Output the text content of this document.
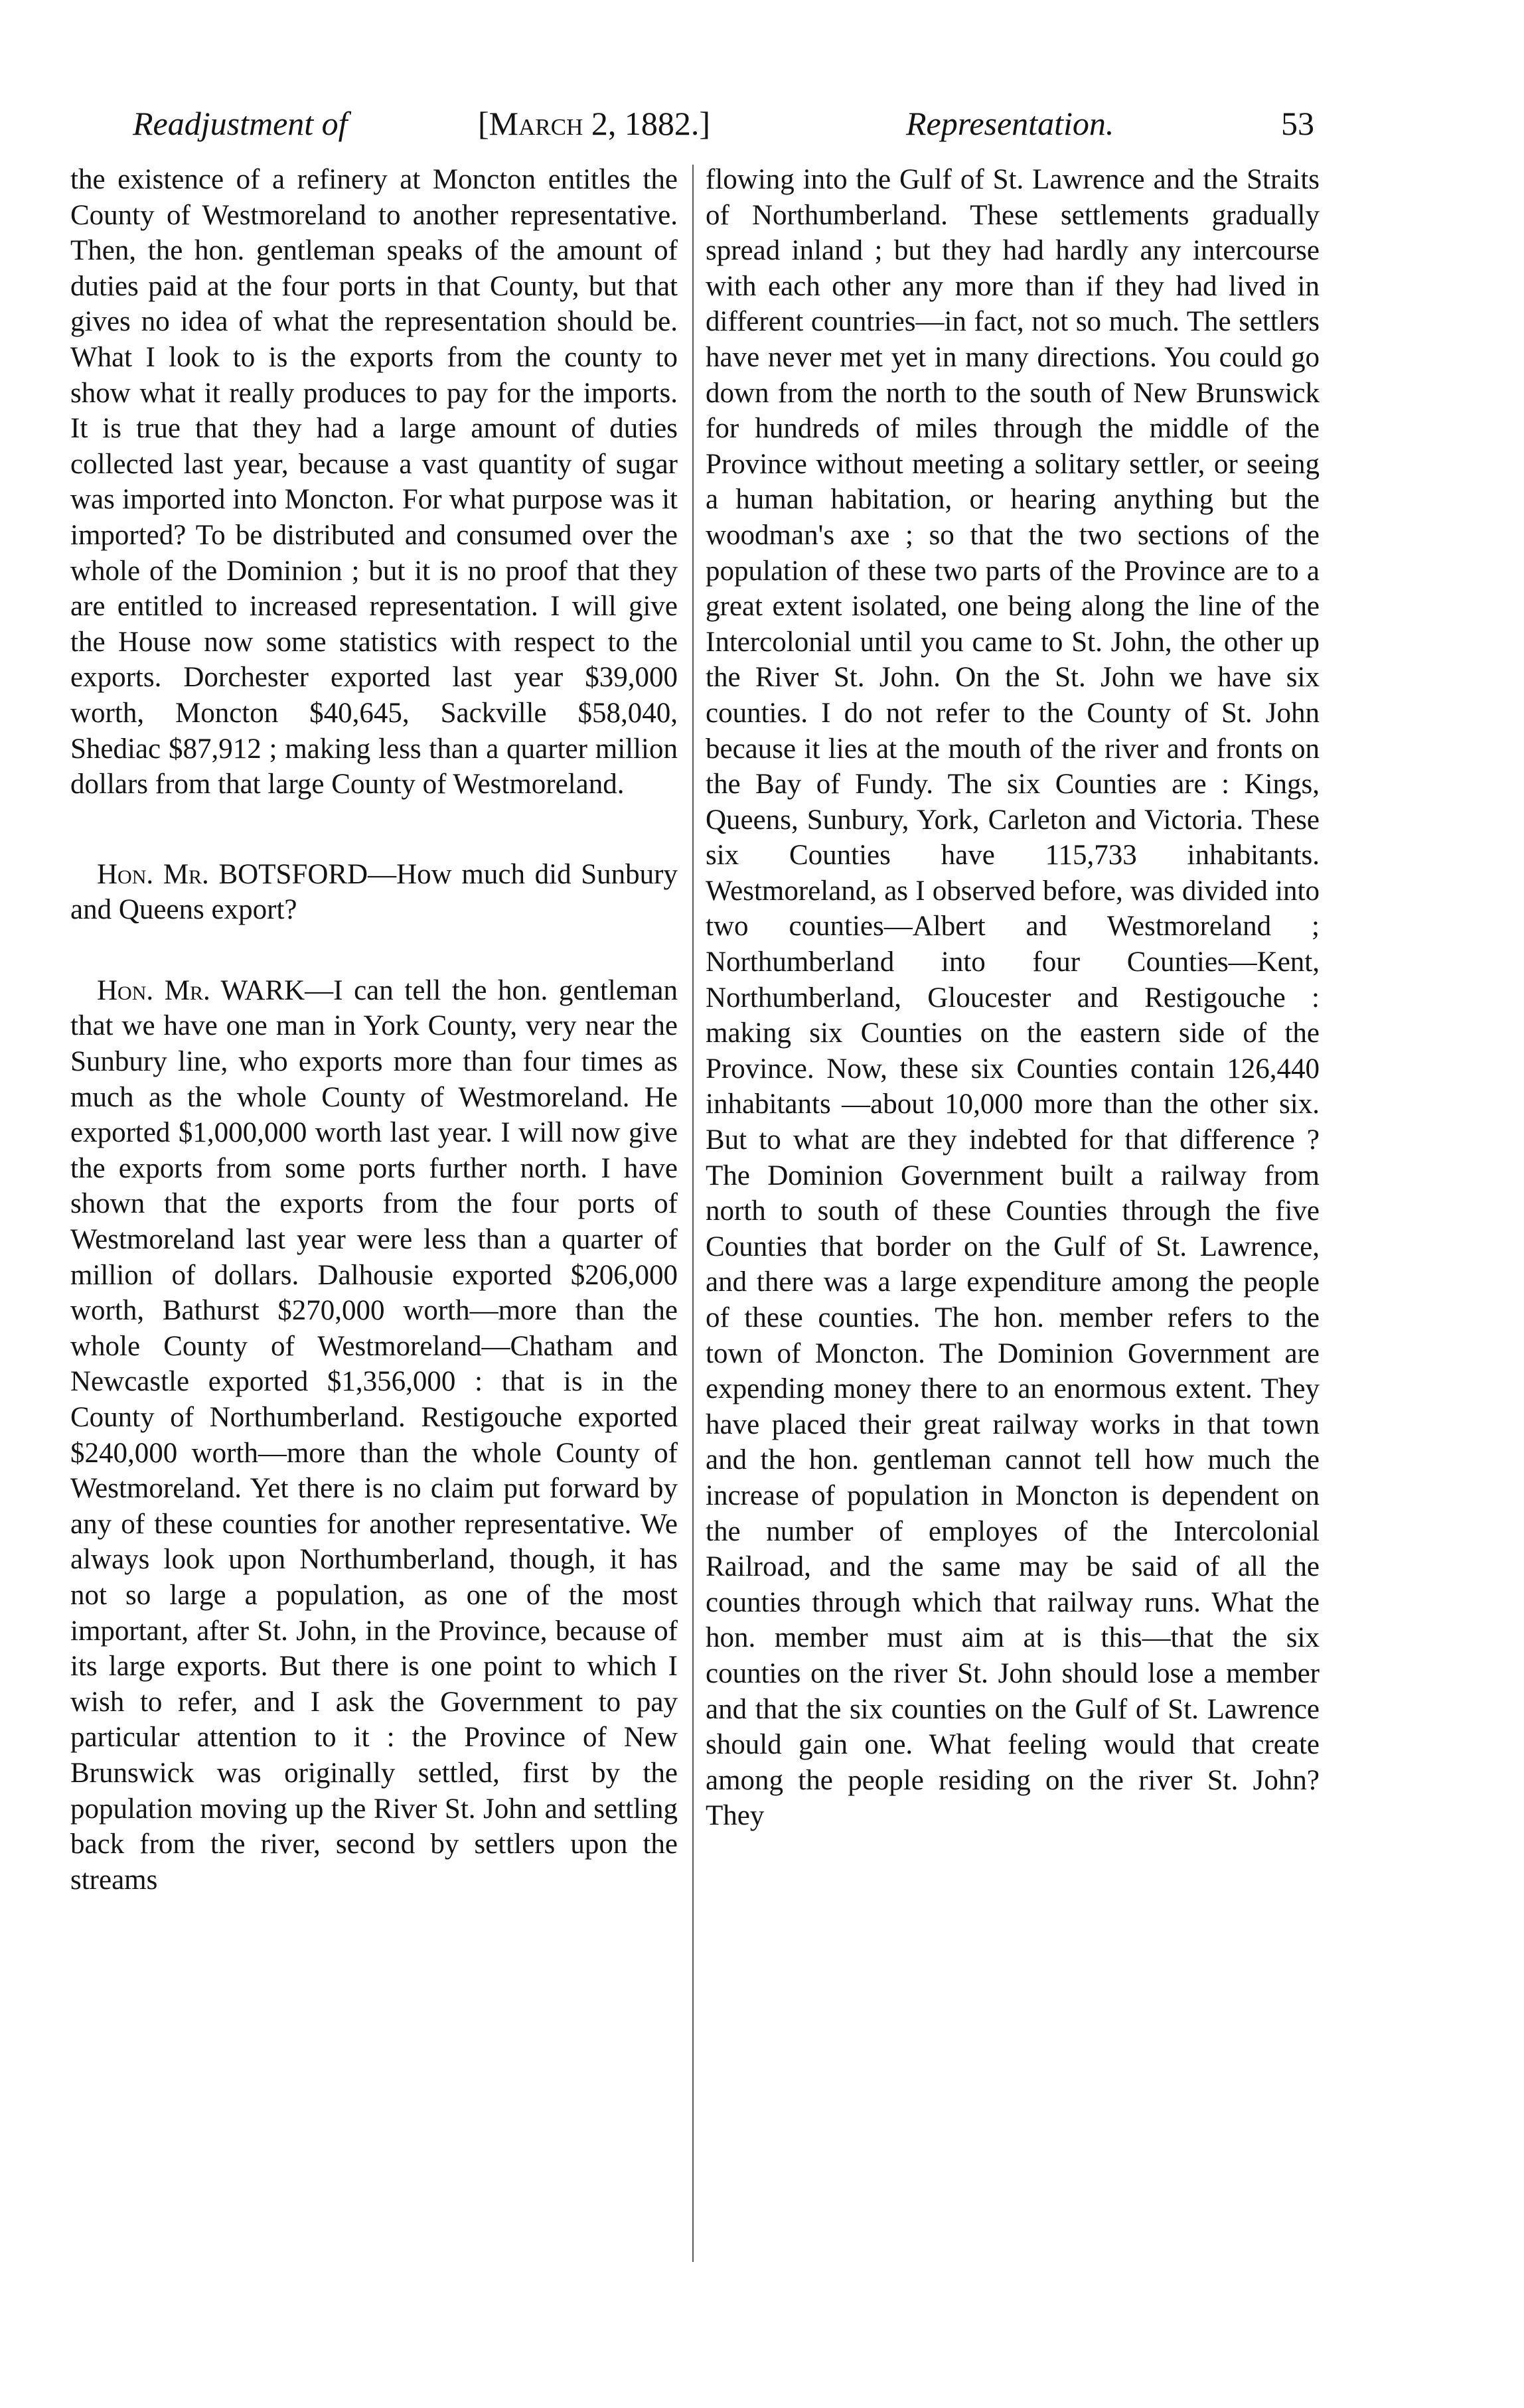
Readjustment of	[March 2, 1882.]	Representation.	53

the existence of a refinery at Moncton entitles the County of Westmoreland to another representative. Then, the hon. gentleman speaks of the amount of duties paid at the four ports in that County, but that gives no idea of what the representation should be. What I look to is the exports from the county to show what it really produces to pay for the imports. It is true that they had a large amount of duties collected last year, because a vast quantity of sugar was imported into Moncton. For what purpose was it imported? To be distributed and consumed over the whole of the Dominion ; but it is no proof that they are entitled to increased representation. I will give the House now some statistics with respect to the exports. Dorchester exported last year $39,000 worth, Moncton $40,645, Sackville $58,040, Shediac $87,912 ; making less than a quarter million dollars from that large County of Westmoreland.

Hon. Mr. BOTSFORD—How much did Sunbury and Queens export?

Hon. Mr. WARK—I can tell the hon. gentleman that we have one man in York County, very near the Sunbury line, who exports more than four times as much as the whole County of Westmoreland. He exported $1,000,000 worth last year. I will now give the exports from some ports further north. I have shown that the exports from the four ports of Westmoreland last year were less than a quarter of million of dollars. Dalhousie exported $206,000 worth, Bathurst $270,000 worth—more than the whole County of Westmoreland—Chatham and Newcastle exported $1,356,000 : that is in the County of Northumberland. Restigouche exported $240,000 worth—more than the whole County of Westmoreland. Yet there is no claim put forward by any of these counties for another representative. We always look upon Northumberland, though, it has not so large a population, as one of the most important, after St. John, in the Province, because of its large exports. But there is one point to which I wish to refer, and I ask the Government to pay particular attention to it : the Province of New Brunswick was originally settled, first by the population moving up the River St. John and settling back from the river, second by settlers upon the streams

flowing into the Gulf of St. Lawrence and the Straits of Northumberland. These settlements gradually spread inland ; but they had hardly any intercourse with each other any more than if they had lived in different countries—in fact, not so much. The settlers have never met yet in many directions. You could go down from the north to the south of New Brunswick for hundreds of miles through the middle of the Province without meeting a solitary settler, or seeing a human habitation, or hearing anything but the woodman's axe ; so that the two sections of the population of these two parts of the Province are to a great extent isolated, one being along the line of the Intercolonial until you came to St. John, the other up the River St. John. On the St. John we have six counties. I do not refer to the County of St. John because it lies at the mouth of the river and fronts on the Bay of Fundy. The six Counties are : Kings, Queens, Sunbury, York, Carleton and Victoria. These six Counties have 115,733 inhabitants. Westmoreland, as I observed before, was divided into two counties—Albert and Westmoreland ; Northumberland into four Counties—Kent, Northumberland, Gloucester and Restigouche : making six Counties on the eastern side of the Province. Now, these six Counties contain 126,440 inhabitants —about 10,000 more than the other six. But to what are they indebted for that difference ? The Dominion Government built a railway from north to south of these Counties through the five Counties that border on the Gulf of St. Lawrence, and there was a large expenditure among the people of these counties. The hon. member refers to the town of Moncton. The Dominion Government are expending money there to an enormous extent. They have placed their great railway works in that town and the hon. gentleman cannot tell how much the increase of population in Moncton is dependent on the number of employes of the Intercolonial Railroad, and the same may be said of all the counties through which that railway runs. What the hon. member must aim at is this—that the six counties on the river St. John should lose a member and that the six counties on the Gulf of St. Lawrence should gain one. What feeling would that create among the people residing on the river St. John? They
